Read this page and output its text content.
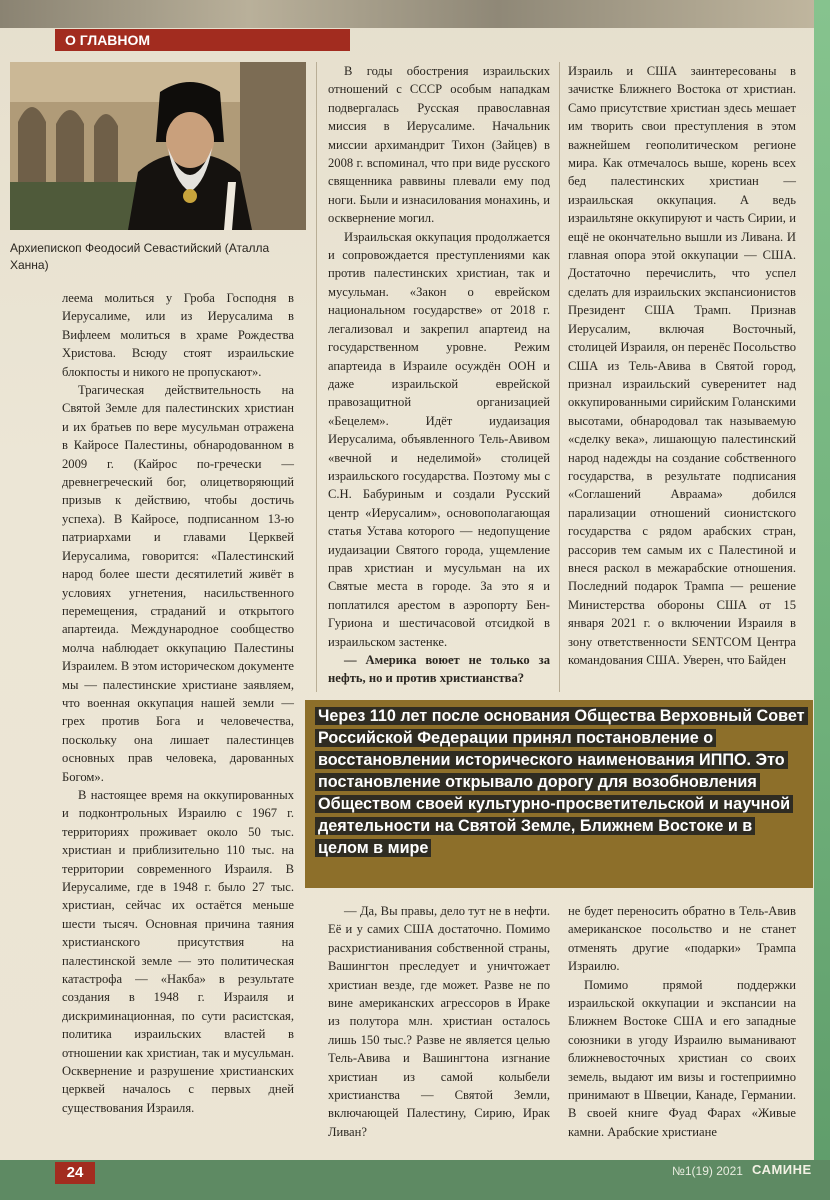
О ГЛАВНОМ
Архиепископ Феодосий Севастийский (Аталла Ханна)

леема молиться у Гроба Господня в Иерусалиме, или из Иерусалима в Вифлеем молиться в храме Рождества Христова. Всюду стоят израильские блокпосты и никого не пропускают».

Трагическая действительность на Святой Земле для палестинских христиан и их братьев по вере мусульман отражена в Кайросе Палестины, обнародованном в 2009 г. (Кайрос по-гречески — древнегреческий бог, олицетворяющий призыв к действию, чтобы достичь успеха). В Кайросе, подписанном 13-ю патриархами и главами Церквей Иерусалима, говорится: «Палестинский народ более шести десятилетий живёт в условиях угнетения, насильственного перемещения, страданий и открытого апартеида. Международное сообщество молча наблюдает оккупацию Палестины Израилем. В этом историческом документе мы — палестинские христиане заявляем, что военная оккупация нашей земли — грех против Бога и человечества, поскольку она лишает палестинцев основных прав человека, дарованных Богом».

В настоящее время на оккупированных и подконтрольных Израилю с 1967 г. территориях проживает около 50 тыс. христиан и приблизительно 110 тыс. на территории современного Израиля. В Иерусалиме, где в 1948 г. было 27 тыс. христиан, сейчас их остаётся меньше шести тысяч. Основная причина таяния христианского присутствия на палестинской земле — это политическая катастрофа — «Накба» в результате создания в 1948 г. Израиля и дискриминационная, по сути расистская, политика израильских властей в отношении как христиан, так и мусульман. Осквернение и разрушение христианских церквей началось с первых дней существования Израиля.

В годы обострения израильских отношений с СССР особым нападкам подвергалась Русская православная миссия в Иерусалиме. Начальник миссии архимандрит Тихон (Зайцев) в 2008 г. вспоминал, что при виде русского священника раввины плевали ему под ноги. Были и изнасилования монахинь, и осквернение могил.

Израильская оккупация продолжается и сопровождается преступлениями как против палестинских христиан, так и мусульман. «Закон о еврейском национальном государстве» от 2018 г. легализовал и закрепил апартеид на государственном уровне. Режим апартеида в Израиле осуждён ООН и даже израильской еврейской правозащитной организацией «Бецелем». Идёт иудаизация Иерусалима, объявленного Тель-Авивом «вечной и неделимой» столицей израильского государства. Поэтому мы с С.Н. Бабуриным и создали Русский центр «Иерусалим», основополагающая статья Устава которого — недопущение иудаизации Святого города, ущемление прав христиан и мусульман на их Святые места в городе. За это я и поплатился арестом в аэропорту Бен-Гуриона и шестичасовой отсидкой в израильском застенке.

— Америка воюет не только за нефть, но и против христианства?

Израиль и США заинтересованы в зачистке Ближнего Востока от христиан. Само присутствие христиан здесь мешает им творить свои преступления в этом важнейшем геополитическом регионе мира. Как отмечалось выше, корень всех бед палестинских христиан — израильская оккупация. А ведь израильтяне оккупируют и часть Сирии, и ещё не окончательно вышли из Ливана. И главная опора этой оккупации — США. Достаточно перечислить, что успел сделать для израильских экспансионистов Президент США Трамп. Признав Иерусалим, включая Восточный, столицей Израиля, он перенёс Посольство США из Тель-Авива в Святой город, признал израильский суверенитет над оккупированными сирийским Голанскими высотами, обнародовал так называемую «сделку века», лишающую палестинский народ надежды на создание собственного государства, в результате подписания «Соглашений Авраама» добился парализации отношений сионистского государства с рядом арабских стран, рассорив тем самым их с Палестиной и внеся раскол в межарабские отношения. Последний подарок Трампа — решение Министерства обороны США от 15 января 2021 г. о включении Израиля в зону ответственности SENTCOM Центра командования США. Уверен, что Байден

Через 110 лет после основания Общества Верховный Совет Российской Федерации принял постановление о восстановлении исторического наименования ИППО. Это постановление открывало дорогу для возобновления Обществом своей культурно-просветительской и научной деятельности на Святой Земле, Ближнем Востоке и в целом в мире

— Да, Вы правы, дело тут не в нефти. Её и у самих США достаточно. Помимо расхристианивания собственной страны, Вашингтон преследует и уничтожает христиан везде, где может. Разве не по вине американских агрессоров в Ираке из полутора млн. христиан осталось лишь 150 тыс.? Разве не является целью Тель-Авива и Вашингтона изгнание христиан из самой колыбели христианства — Святой Земли, включающей Палестину, Сирию, Ирак Ливан?

не будет переносить обратно в Тель-Авив американское посольство и не станет отменять другие «подарки» Трампа Израилю.

Помимо прямой поддержки израильской оккупации и экспансии на Ближнем Востоке США и его западные союзники в угоду Израилю выманивают ближневосточных христиан со своих земель, выдают им визы и гостеприимно принимают в Швеции, Канаде, Германии. В своей книге Фуад Фарах «Живые камни. Арабские христиане

24	№1(19) 2021 САМИНЕ
